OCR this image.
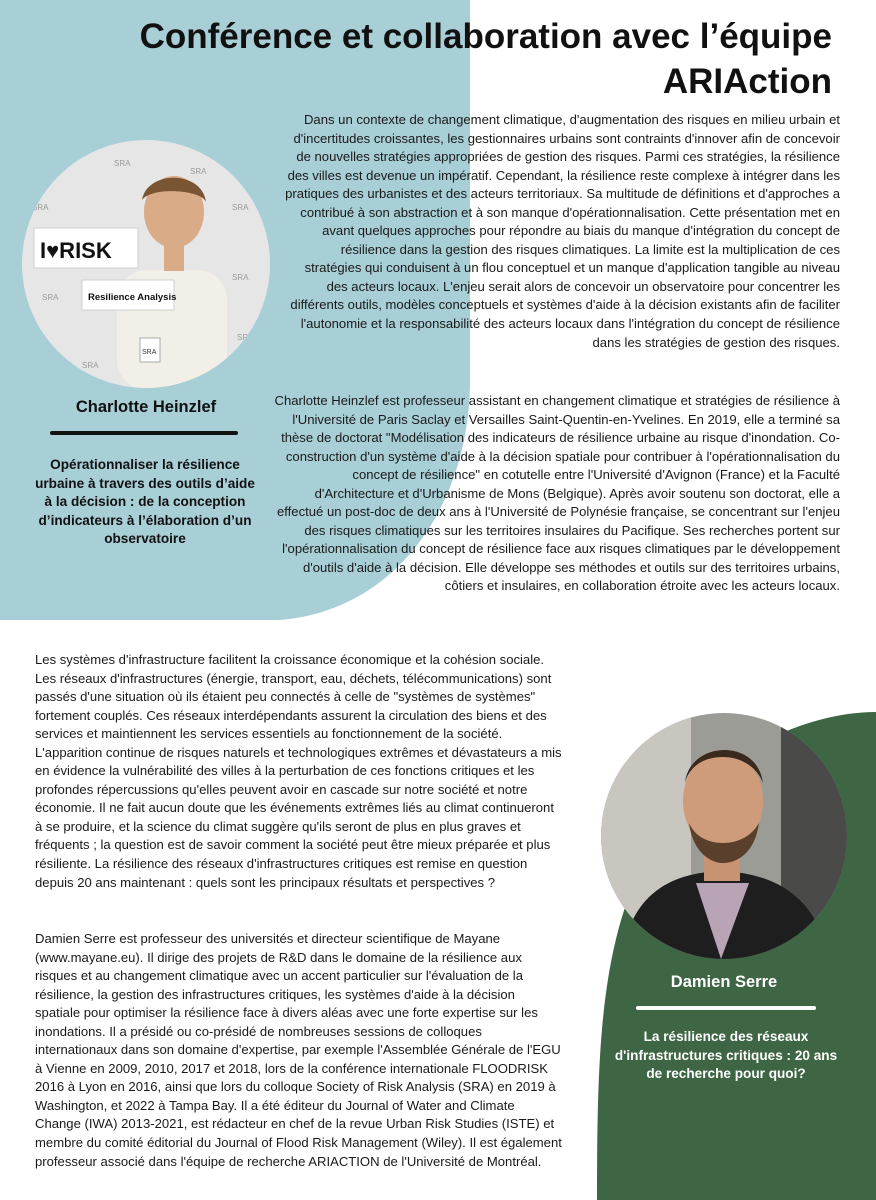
Conférence et collaboration avec l’équipe ARIAction
SRA
SRA
SRA	SRA
SRA
SRA
SRA
SRA
I♥RISK
Resilience Analysis
SRA
Charlotte Heinzlef

Opérationnaliser la résilience urbaine à travers des outils d’aide à la décision : de la conception d’indicateurs à l’élaboration d’un observatoire

Dans un contexte de changement climatique, d'augmentation des risques en milieu urbain et d'incertitudes croissantes, les gestionnaires urbains sont contraints d'innover afin de concevoir de nouvelles stratégies appropriées de gestion des risques. Parmi ces stratégies, la résilience des villes est devenue un impératif. Cependant, la résilience reste complexe à intégrer dans les pratiques des urbanistes et des acteurs territoriaux. Sa multitude de définitions et d'approches a contribué à son abstraction et à son manque d'opérationnalisation. Cette présentation met en avant quelques approches pour répondre au biais du manque d'intégration du concept de résilience dans la gestion des risques climatiques. La limite est la multiplication de ces stratégies qui conduisent à un flou conceptuel et un manque d'application tangible au niveau des acteurs locaux. L'enjeu serait alors de concevoir un observatoire pour concentrer les différents outils, modèles conceptuels et systèmes d'aide à la décision existants afin de faciliter l'autonomie et la responsabilité des acteurs locaux dans l'intégration du concept de résilience dans les stratégies de gestion des risques.

Charlotte Heinzlef est professeur assistant en changement climatique et stratégies de résilience à l'Université de Paris Saclay et Versailles Saint-Quentin-en-Yvelines. En 2019, elle a terminé sa thèse de doctorat "Modélisation des indicateurs de résilience urbaine au risque d'inondation. Co-construction d'un système d'aide à la décision spatiale pour contribuer à l'opérationnalisation du concept de résilience" en cotutelle entre l'Université d'Avignon (France) et la Faculté d'Architecture et d'Urbanisme de Mons (Belgique). Après avoir soutenu son doctorat, elle a effectué un post-doc de deux ans à l'Université de Polynésie française, se concentrant sur l'enjeu des risques climatiques sur les territoires insulaires du Pacifique. Ses recherches portent sur l'opérationnalisation du concept de résilience face aux risques climatiques par le développement d'outils d'aide à la décision. Elle développe ses méthodes et outils sur des territoires urbains, côtiers et insulaires, en collaboration étroite avec les acteurs locaux.

Les systèmes d'infrastructure facilitent la croissance économique et la cohésion sociale. Les réseaux d'infrastructures (énergie, transport, eau, déchets, télécommunications) sont passés d'une situation où ils étaient peu connectés à celle de "systèmes de systèmes" fortement couplés. Ces réseaux interdépendants assurent la circulation des biens et des services et maintiennent les services essentiels au fonctionnement de la société. L'apparition continue de risques naturels et technologiques extrêmes et dévastateurs a mis en évidence la vulnérabilité des villes à la perturbation de ces fonctions critiques et les profondes répercussions qu'elles peuvent avoir en cascade sur notre société et notre économie. Il ne fait aucun doute que les événements extrêmes liés au climat continueront à se produire, et la science du climat suggère qu'ils seront de plus en plus graves et fréquents ; la question est de savoir comment la société peut être mieux préparée et plus résiliente. La résilience des réseaux d'infrastructures critiques est remise en question depuis 20 ans maintenant : quels sont les principaux résultats et perspectives ?

Damien Serre est professeur des universités et directeur scientifique de Mayane (www.mayane.eu). Il dirige des projets de R&D dans le domaine de la résilience aux risques et au changement climatique avec un accent particulier sur l'évaluation de la résilience, la gestion des infrastructures critiques, les systèmes d'aide à la décision spatiale pour optimiser la résilience face à divers aléas avec une forte expertise sur les inondations. Il a présidé ou co-présidé de nombreuses sessions de colloques internationaux dans son domaine d'expertise, par exemple l'Assemblée Générale de l'EGU à Vienne en 2009, 2010, 2017 et 2018, lors de la conférence internationale FLOODRISK 2016 à Lyon en 2016, ainsi que lors du colloque Society of Risk Analysis (SRA) en 2019 à Washington, et 2022 à Tampa Bay. Il a été éditeur du Journal of Water and Climate Change (IWA) 2013-2021, est rédacteur en chef de la revue Urban Risk Studies (ISTE) et membre du comité éditorial du Journal of Flood Risk Management (Wiley). Il est également professeur associé dans l'équipe de recherche ARIACTION de l'Université de Montréal.

Damien Serre

La résilience des réseaux d'infrastructures critiques : 20 ans de recherche pour quoi?
